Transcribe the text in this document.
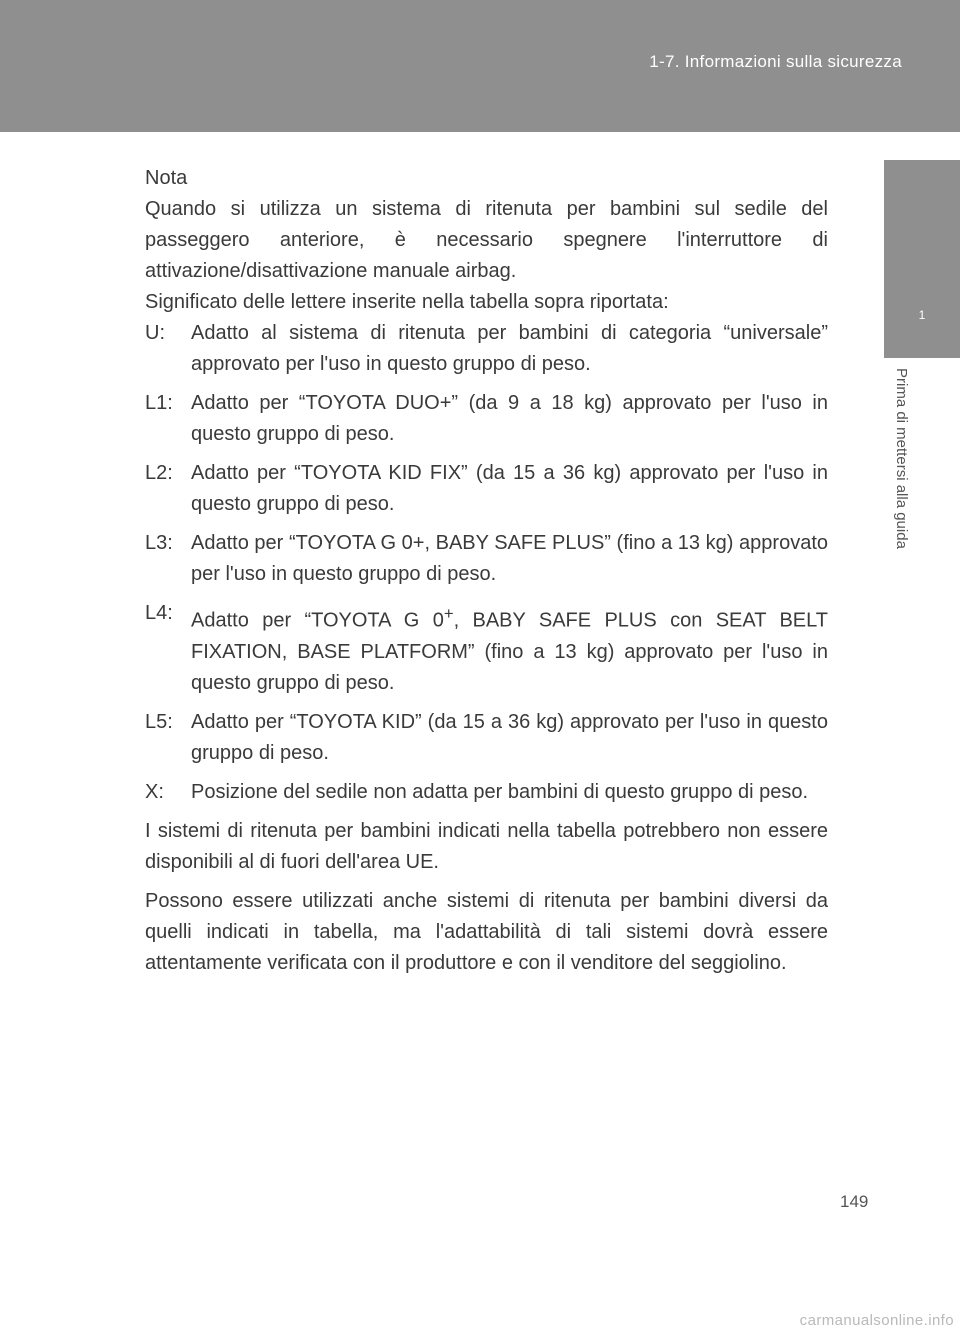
1-7. Informazioni sulla sicurezza
1
Prima di mettersi alla guida

Nota

Quando si utilizza un sistema di ritenuta per bambini sul sedile del passeggero anteriore, è necessario spegnere l'interruttore di attivazione/disattivazione manuale airbag.

Significato delle lettere inserite nella tabella sopra riportata:

U:	Adatto al sistema di ritenuta per bambini di categoria “universale” approvato per l'uso in questo gruppo di peso.
L1: Adatto per “TOYOTA DUO+” (da 9 a 18 kg) approvato per l'uso in questo gruppo di peso.
L2: Adatto per “TOYOTA KID FIX” (da 15 a 36 kg) approvato per l'uso in questo gruppo di peso.
L3: Adatto per “TOYOTA G 0+, BABY SAFE PLUS” (fino a 13 kg) approvato per l'uso in questo gruppo di peso.
L4: Adatto per “TOYOTA G 0+, BABY SAFE PLUS con SEAT BELT FIXATION, BASE PLATFORM” (fino a 13 kg) approvato per l'uso in questo gruppo di peso.
L5: Adatto per “TOYOTA KID” (da 15 a 36 kg) approvato per l'uso in questo gruppo di peso.
X:	Posizione del sedile non adatta per bambini di questo gruppo di peso.

I sistemi di ritenuta per bambini indicati nella tabella potrebbero non essere disponibili al di fuori dell'area UE.

Possono essere utilizzati anche sistemi di ritenuta per bambini diversi da quelli indicati in tabella, ma l'adattabilità di tali sistemi dovrà essere attentamente verificata con il produttore e con il venditore del seggiolino.

149
carmanualsonline.info
